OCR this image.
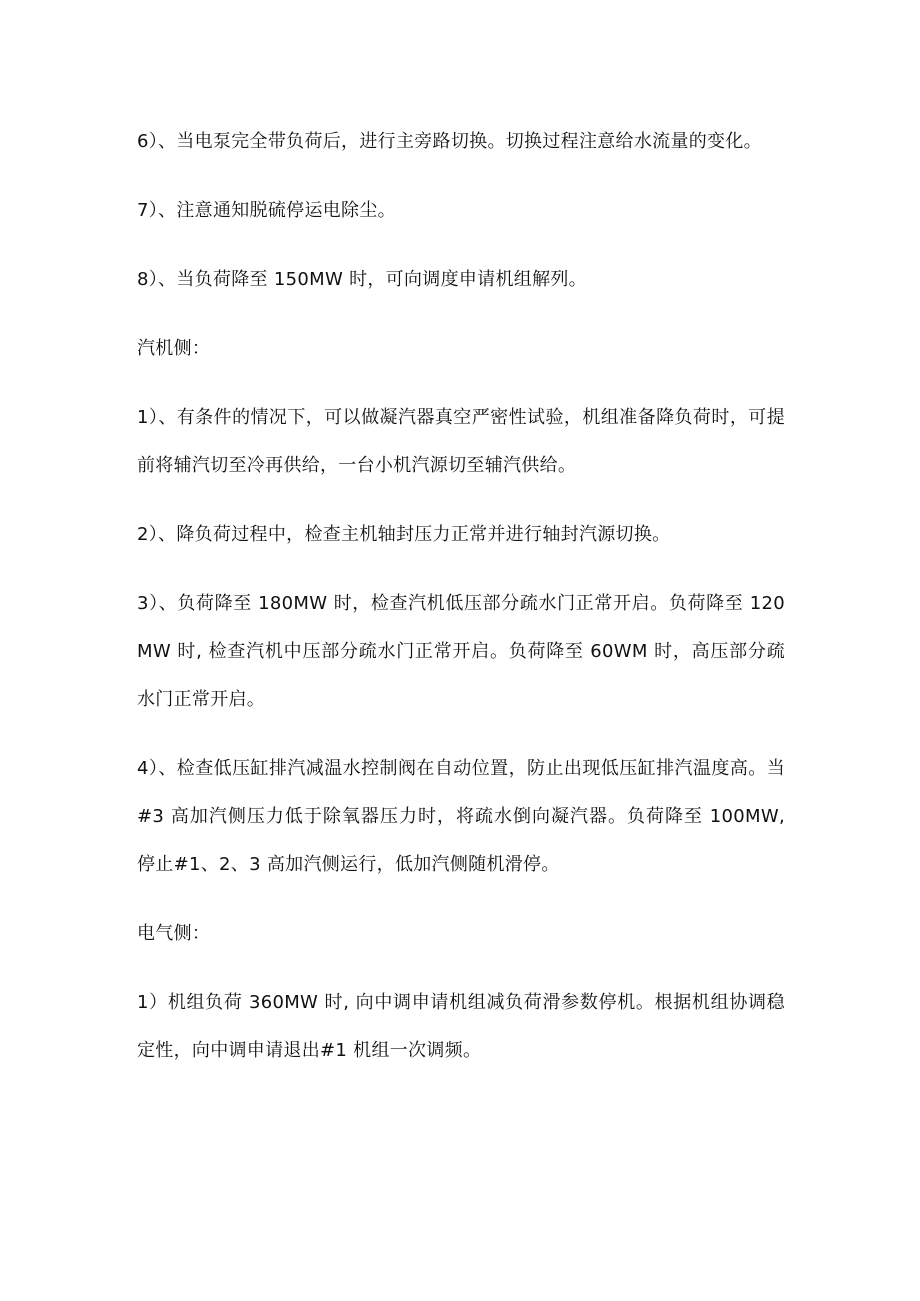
6）、当电泵完全带负荷后，进行主旁路切换。切换过程注意给水流量的变化。

7）、注意通知脱硫停运电除尘。

8）、当负荷降至 150MW 时，可向调度申请机组解列。

汽机侧：

1）、有条件的情况下，可以做凝汽器真空严密性试验，机组准备降负荷时，可提前将辅汽切至冷再供给，一台小机汽源切至辅汽供给。

2）、降负荷过程中，检查主机轴封压力正常并进行轴封汽源切换。

3）、负荷降至 180MW 时，检查汽机低压部分疏水门正常开启。负荷降至 120MW 时, 检查汽机中压部分疏水门正常开启。负荷降至 60WM 时，高压部分疏水门正常开启。

4）、检查低压缸排汽减温水控制阀在自动位置，防止出现低压缸排汽温度高。当#3 高加汽侧压力低于除氧器压力时，将疏水倒向凝汽器。负荷降至 100MW, 停止#1、2、3 高加汽侧运行，低加汽侧随机滑停。

电气侧：

1）机组负荷 360MW 时, 向中调申请机组减负荷滑参数停机。根据机组协调稳定性，向中调申请退出#1 机组一次调频。
